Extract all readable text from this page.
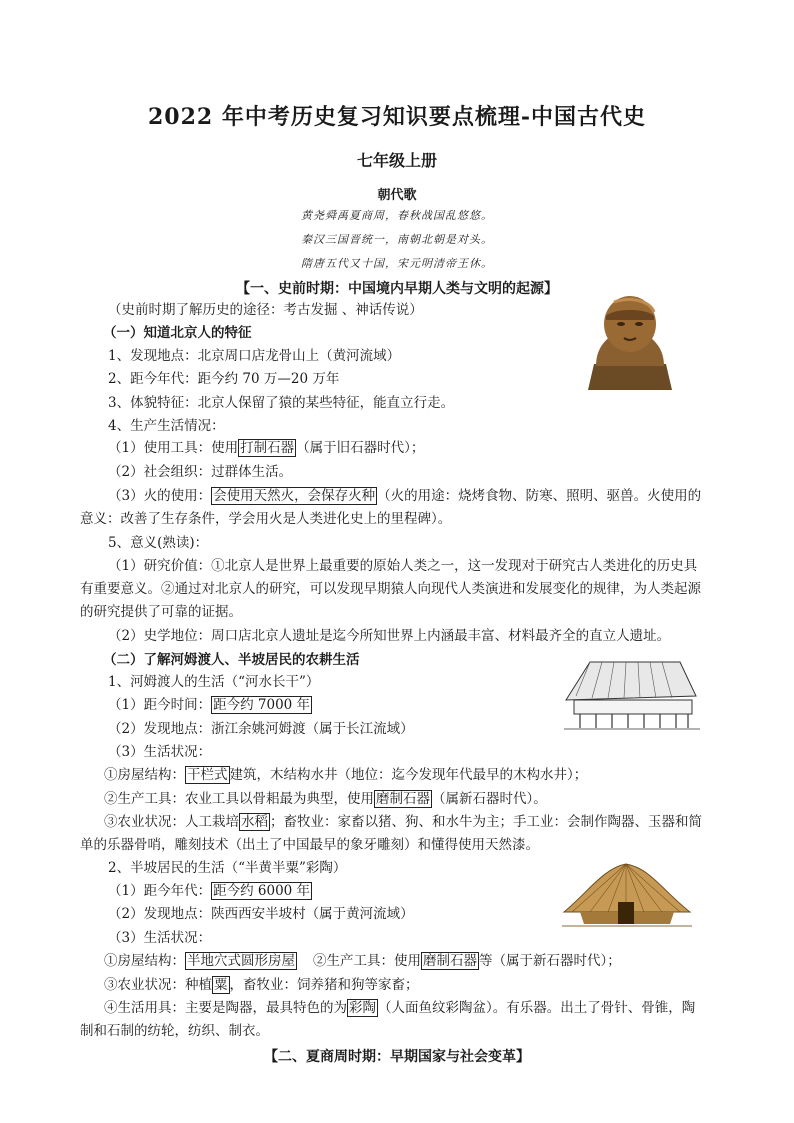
2022 年中考历史复习知识要点梳理-中国古代史
七年级上册
朝代歌
黄尧舜禹夏商周，春秋战国乱悠悠。
秦汉三国晋统一，南朝北朝是对头。
隋唐五代又十国，宋元明清帝王休。
【一、史前时期：中国境内早期人类与文明的起源】
（史前时期了解历史的途径：考古发掘 、神话传说）
（一）知道北京人的特征
1、发现地点：北京周口店龙骨山上（黄河流域）
2、距今年代：距今约 70 万—20 万年
3、体貌特征：北京人保留了猿的某些特征，能直立行走。
4、生产生活情况：
（1）使用工具：使用 打制石器 （属于旧石器时代）；
（2）社会组织：过群体生活。
（3）火的使用： 会使用天然火，会保存火种 （火的用途：烧烤食物、防寒、照明、驱兽。火使用的
意义：改善了生存条件，学会用火是人类进化史上的里程碑）。
5、意义(熟读)：
（1）研究价值：①北京人是世界上最重要的原始人类之一，这一发现对于研究古人类进化的历史具
有重要意义。②通过对北京人的研究，可以发现早期猿人向现代人类演进和发展变化的规律，为人类起源
的研究提供了可靠的证据。
（2）史学地位：周口店北京人遗址是迄今所知世界上内涵最丰富、材料最齐全的直立人遗址。
（二）了解河姆渡人、半坡居民的农耕生活
1、河姆渡人的生活（“河水长干”）
（1）距今时间： 距今约 7000 年
（2）发现地点：浙江余姚河姆渡（属于长江流域）
（3）生活状况：
①房屋结构： 干栏式 建筑，木结构水井（地位：迄今发现年代最早的木构水井）；
②生产工具：农业工具以骨耜最为典型，使用 磨制石器 （属新石器时代）。
③农业状况：人工栽培 水稻 ；畜牧业：家畜以猪、狗、和水牛为主；手工业：会制作陶器、玉器和简
单的乐器骨哨，雕刻技术（出土了中国最早的象牙雕刻）和懂得使用天然漆。
2、半坡居民的生活（“半黄半粟”彩陶）
（1）距今年代： 距今约 6000 年
（2）发现地点：陕西西安半坡村（属于黄河流域）
（3）生活状况：
①房屋结构： 半地穴式圆形房屋 ②生产工具：使用 磨制石器 等（属于新石器时代）；
③农业状况：种植 粟 ，畜牧业：饲养猪和狗等家畜；
④生活用具：主要是陶器，最具特色的为 彩陶 （人面鱼纹彩陶盆）。有乐器。出土了骨针、骨锥，陶
制和石制的纺轮，纺织、制衣。
【二、夏商周时期：早期国家与社会变革】
